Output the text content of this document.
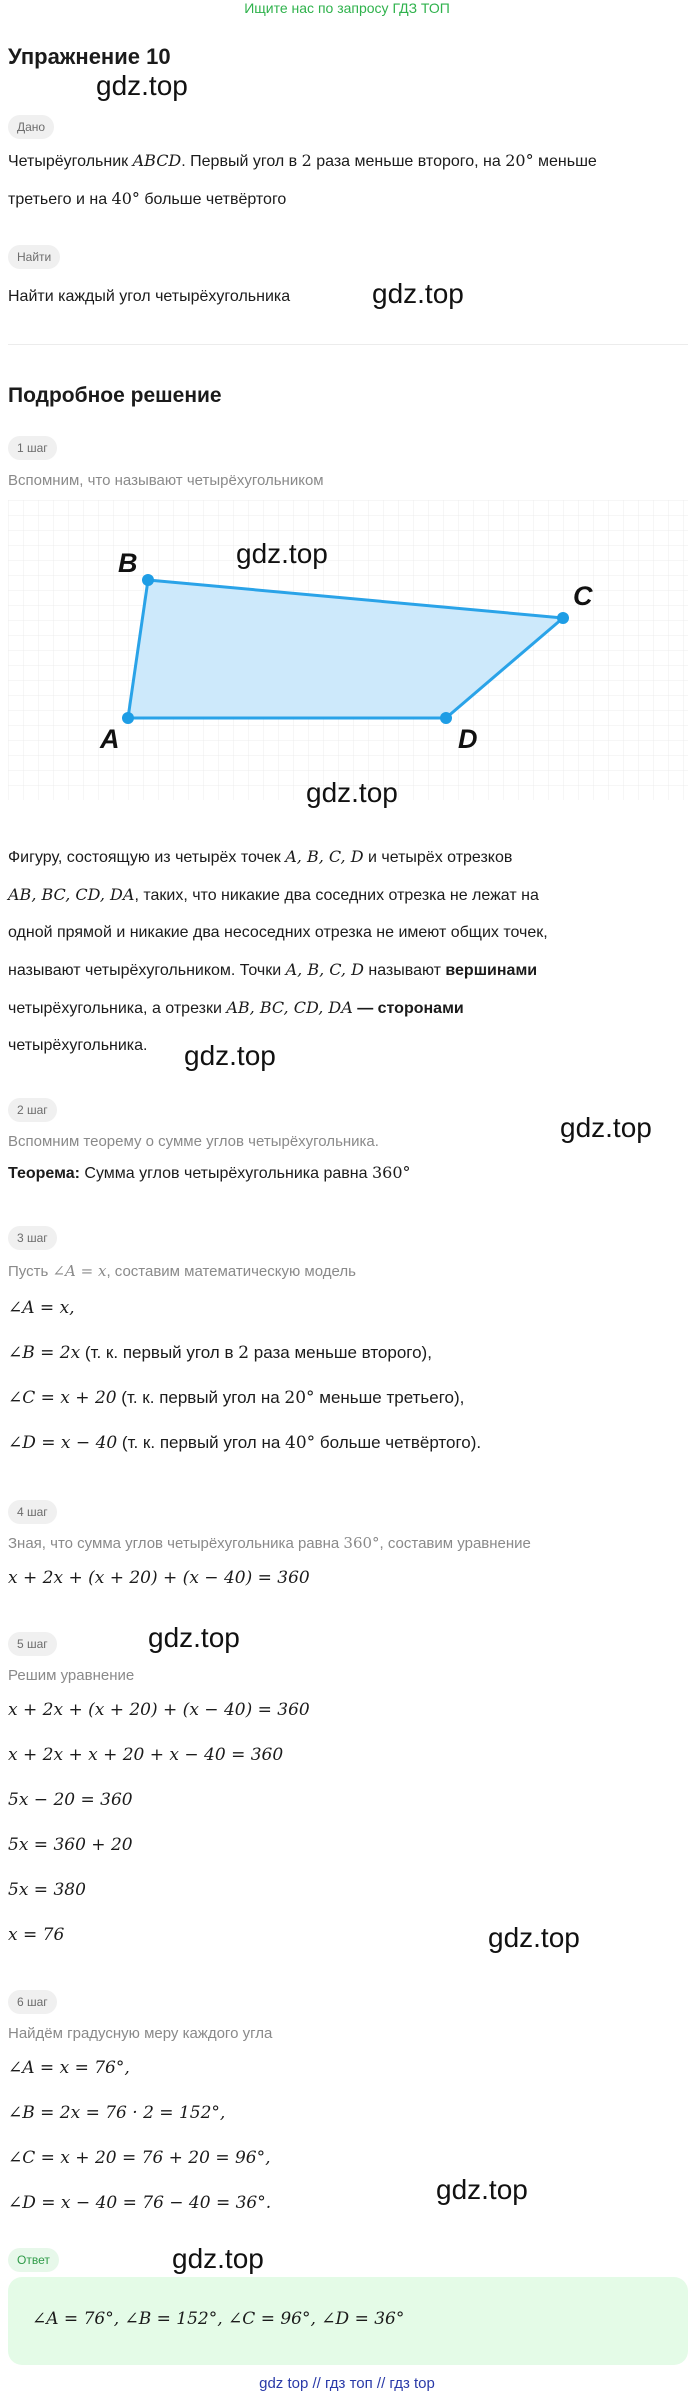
Ищите нас по запросу ГДЗ ТОП
Упражнение 10
Дано
Четырёугольник ABCD. Первый угол в 2 раза меньше второго, на 20° меньше
третьего и на 40° больше четвёртого
Найти
Найти каждый угол четырёхугольника
Подробное решение
1 шаг
Вспомним, что называют четырёхугольником
A
B
C
D
Фигуру, состоящую из четырёх точек A, B, C, D и четырёх отрезков
AB, BC, CD, DA, таких, что никакие два соседних отрезка не лежат на
одной прямой и никакие два несоседних отрезка не имеют общих точек,
называют четырёхугольником. Точки A, B, C, D называют вершинами
четырёхугольника, а отрезки AB, BC, CD, DA — сторонами
четырёхугольника.
2 шаг
Вспомним теорему о сумме углов четырёхугольника.
Теорема: Сумма углов четырёхугольника равна 360°
3 шаг
Пусть ∠A = x, составим математическую модель
∠A = x,
∠B = 2x (т. к. первый угол в 2 раза меньше второго),
∠C = x + 20 (т. к. первый угол на 20° меньше третьего),
∠D = x − 40 (т. к. первый угол на 40° больше четвёртого).
4 шаг
Зная, что сумма углов четырёхугольника равна 360°, составим уравнение
x + 2x + (x + 20) + (x − 40) = 360
5 шаг
Решим уравнение
x + 2x + (x + 20) + (x − 40) = 360
x + 2x + x + 20 + x − 40 = 360
5x − 20 = 360
5x = 360 + 20
5x = 380
x = 76
6 шаг
Найдём градусную меру каждого угла
∠A = x = 76°,
∠B = 2x = 76 · 2 = 152°,
∠C = x + 20 = 76 + 20 = 96°,
∠D = x − 40 = 76 − 40 = 36°.
Ответ
∠A = 76°, ∠B = 152°, ∠C = 96°, ∠D = 36°
gdz.top
gdz.top
gdz.top
gdz.top
gdz.top
gdz.top
gdz.top
gdz.top
gdz.top
gdz.top
gdz top // гдз топ // гдз top
